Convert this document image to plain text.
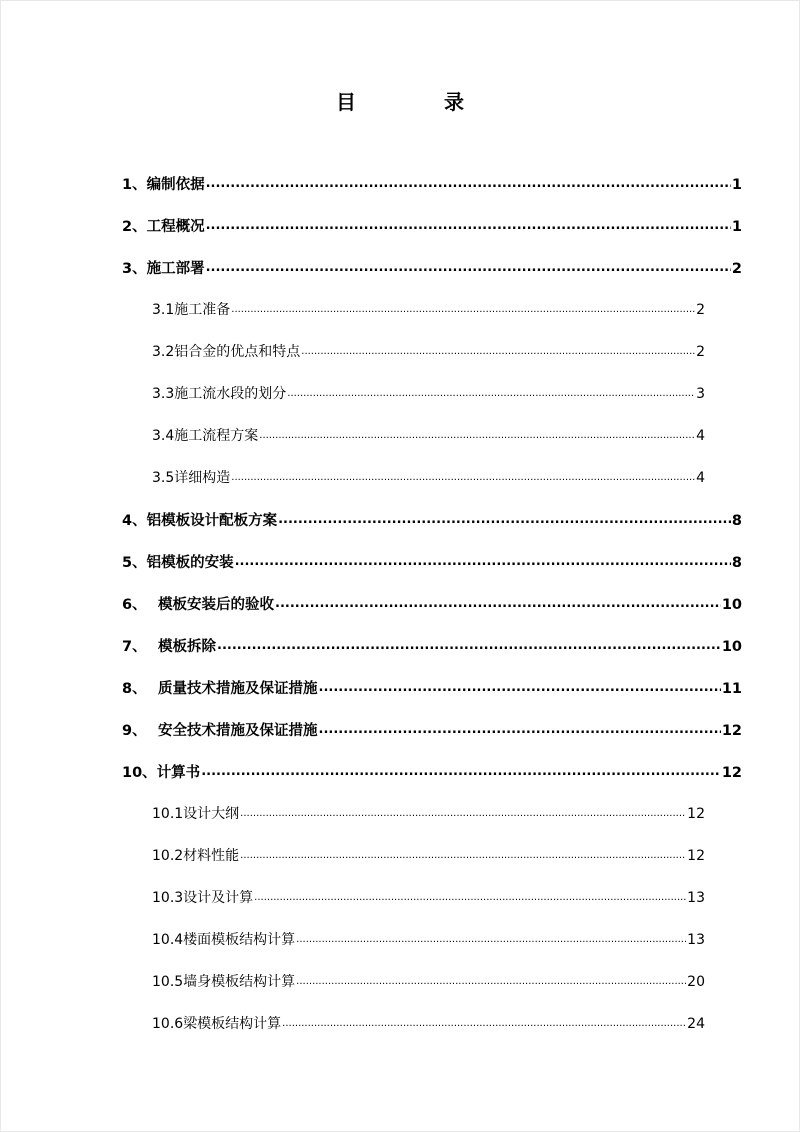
目　录
1、 编制依据 .....	1
2、 工程概况 .....	1
3、 施工部署 .....	2
3.1 施工准备 .....	2
3.2 铝合金的优点和特点 .....	2
3.3 施工流水段的划分 .....	3
3.4 施工流程方案 .....	4
3.5 详细构造 .....	4
4、 铝模板设计配板方案 .....	8
5、 铝模板的安装 .....	8
6、 模板安装后的验收 .....	10
7、 模板拆除 .....	10
8、 质量技术措施及保证措施 .....	11
9、 安全技术措施及保证措施 .....	12
10、 计算书 .....	12
10.1 设计大纲 .....	12
10.2 材料性能 .....	12
10.3 设计及计算 .....	13
10.4 楼面模板结构计算 .....	13
10.5 墙身模板结构计算 .....	20
10.6 梁模板结构计算 .....	24
